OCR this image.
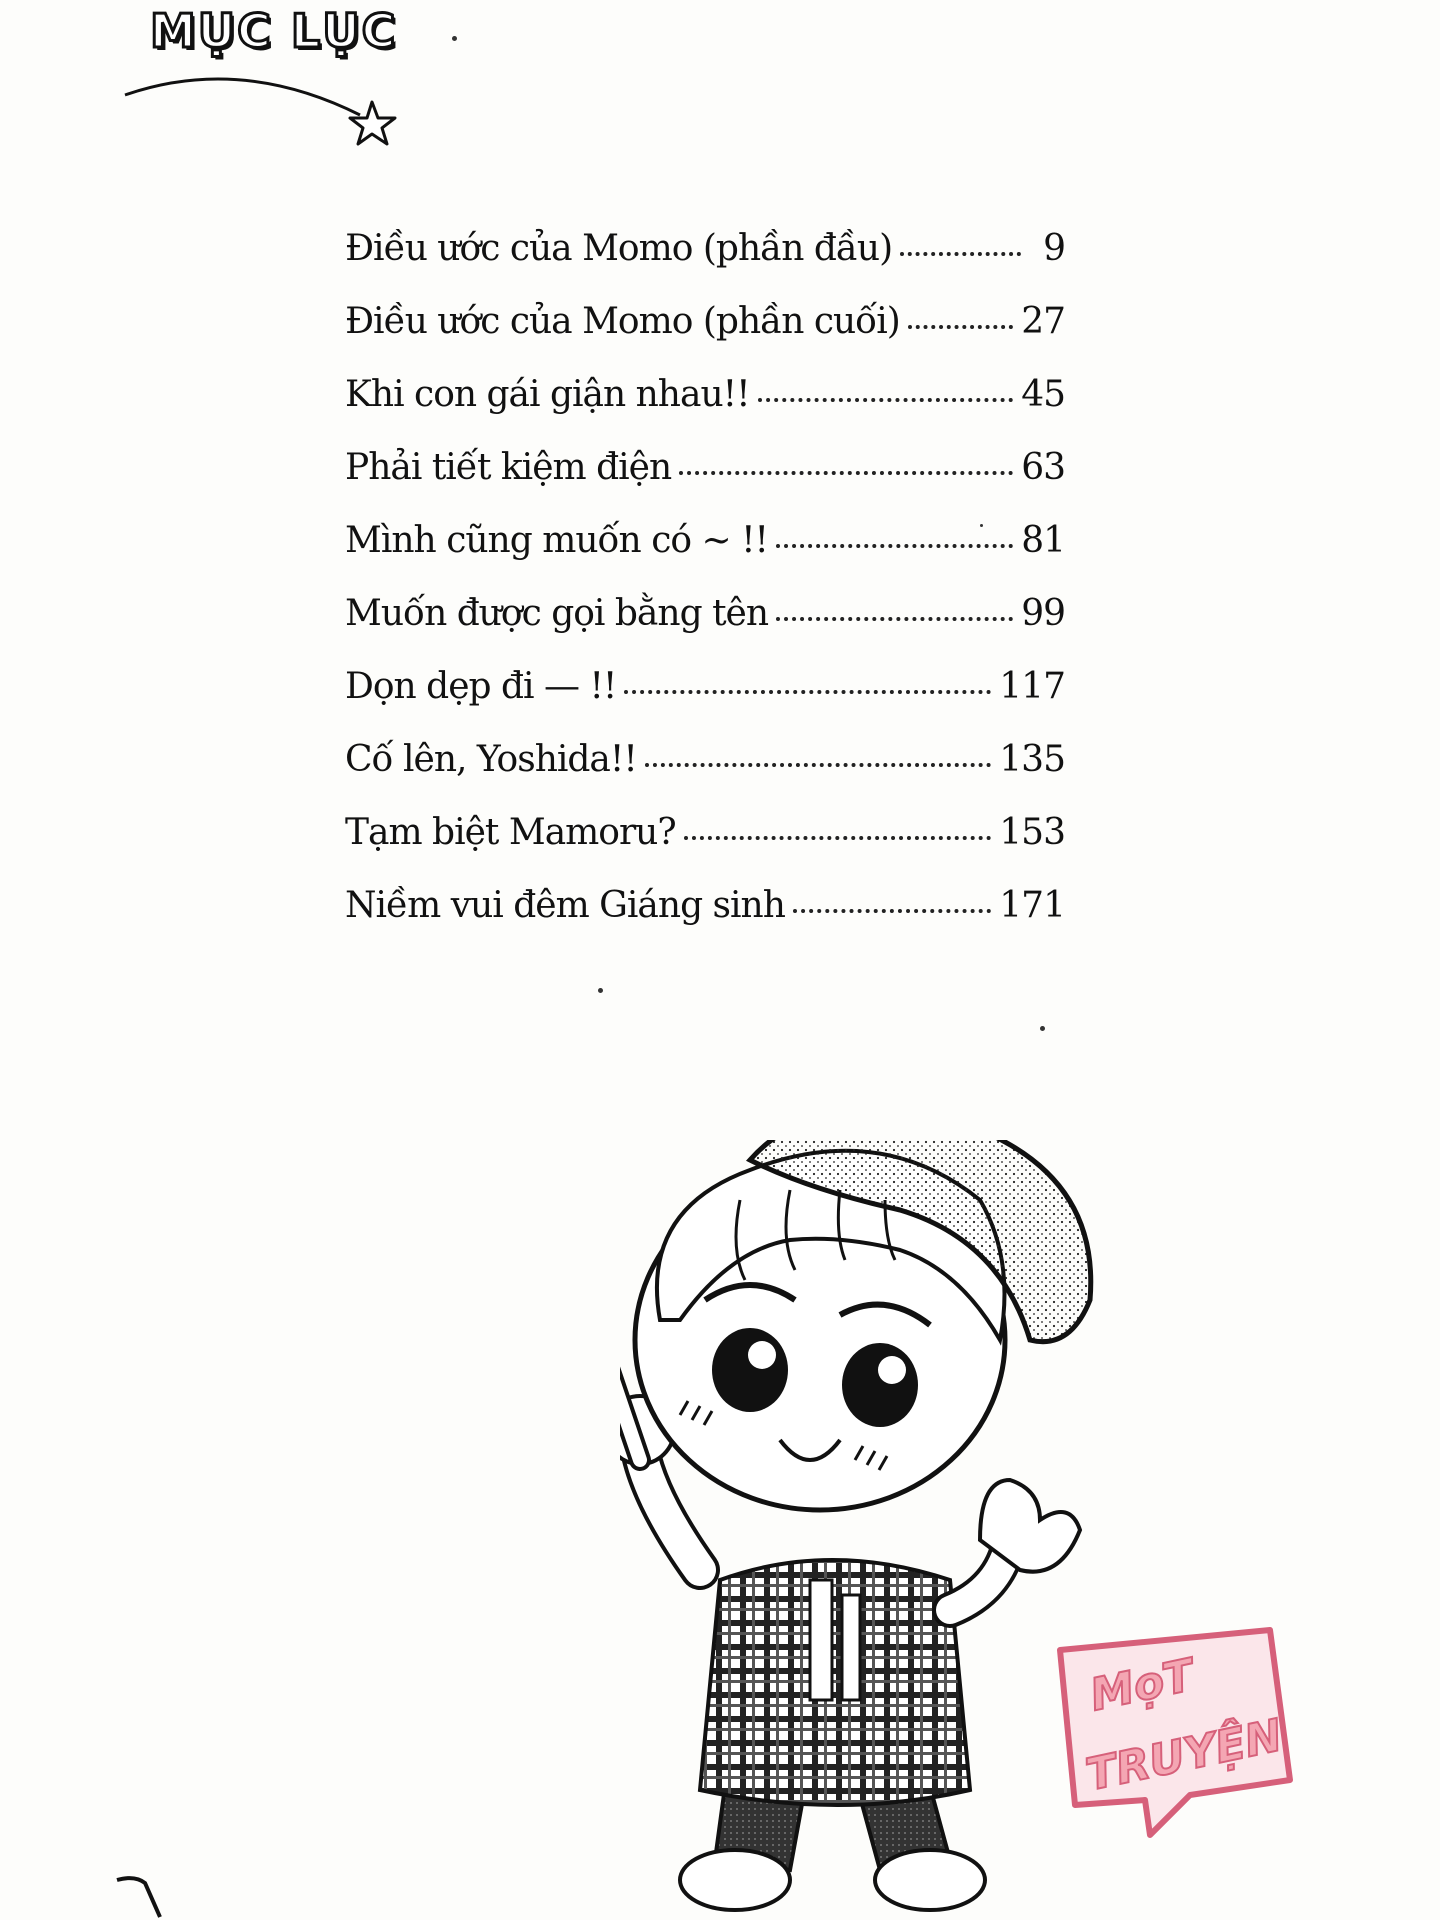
MỤC LỤC
Điều ước của Momo (phần đầu)	9
Điều ước của Momo (phần cuối)	27
Khi con gái giận nhau!!	45
Phải tiết kiệm điện	63
Mình cũng muốn có ~ !!	81
Muốn được gọi bằng tên	99
Dọn dẹp đi — !!	117
Cố lên, Yoshida!!	135
Tạm biệt Mamoru?	153
Niềm vui đêm Giáng sinh	171
MọT
TRUYỆN
